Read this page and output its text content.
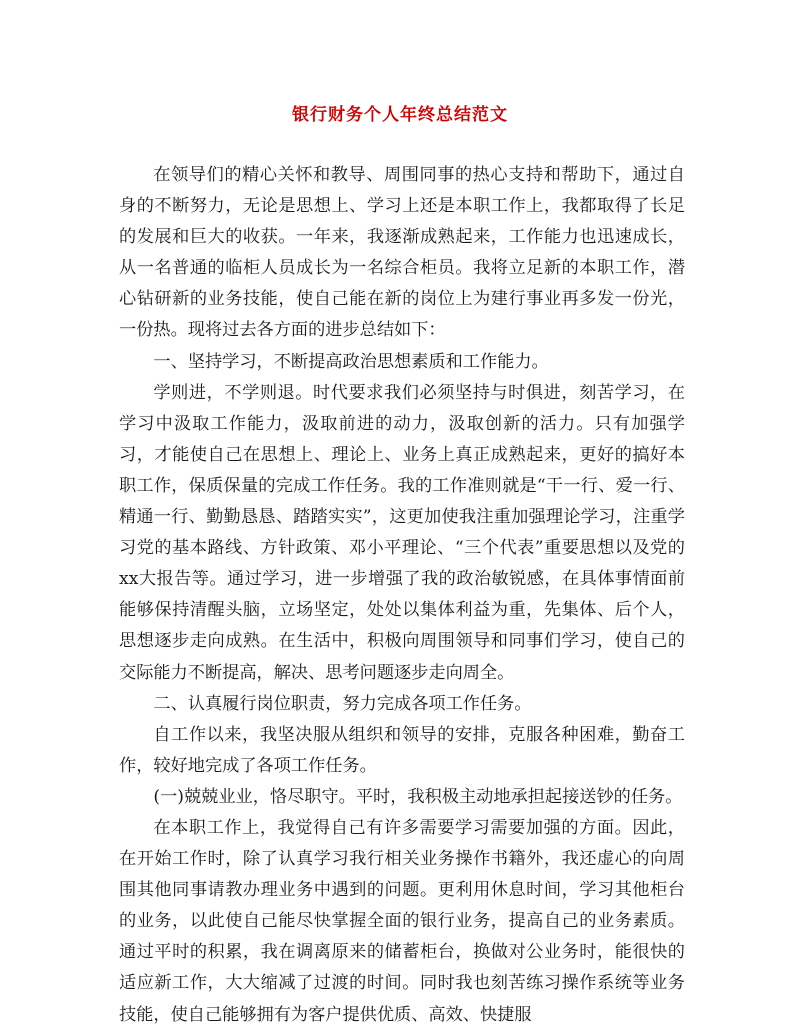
银行财务个人年终总结范文

在领导们的精心关怀和教导、周围同事的热心支持和帮助下，通过自身的不断努力，无论是思想上、学习上还是本职工作上，我都取得了长足的发展和巨大的收获。一年来，我逐渐成熟起来，工作能力也迅速成长，从一名普通的临柜人员成长为一名综合柜员。我将立足新的本职工作，潜心钻研新的业务技能，使自己能在新的岗位上为建行事业再多发一份光，一份热。现将过去各方面的进步总结如下：

一、坚持学习，不断提高政治思想素质和工作能力。

学则进，不学则退。时代要求我们必须坚持与时俱进，刻苦学习，在学习中汲取工作能力，汲取前进的动力，汲取创新的活力。只有加强学习，才能使自己在思想上、理论上、业务上真正成熟起来，更好的搞好本职工作，保质保量的完成工作任务。我的工作准则就是“干一行、爱一行、精通一行、勤勤恳恳、踏踏实实”，这更加使我注重加强理论学习，注重学习党的基本路线、方针政策、邓小平理论、“三个代表”重要思想以及党的xx大报告等。通过学习，进一步增强了我的政治敏锐感，在具体事情面前能够保持清醒头脑，立场坚定，处处以集体利益为重，先集体、后个人，思想逐步走向成熟。在生活中，积极向周围领导和同事们学习，使自己的交际能力不断提高，解决、思考问题逐步走向周全。

二、认真履行岗位职责，努力完成各项工作任务。

自工作以来，我坚决服从组织和领导的安排，克服各种困难，勤奋工作，较好地完成了各项工作任务。

(一)兢兢业业，恪尽职守。平时，我积极主动地承担起接送钞的任务。

在本职工作上，我觉得自己有许多需要学习需要加强的方面。因此，在开始工作时，除了认真学习我行相关业务操作书籍外，我还虚心的向周围其他同事请教办理业务中遇到的问题。更利用休息时间，学习其他柜台的业务，以此使自己能尽快掌握全面的银行业务，提高自己的业务素质。通过平时的积累，我在调离原来的储蓄柜台，换做对公业务时，能很快的适应新工作，大大缩减了过渡的时间。同时我也刻苦练习操作系统等业务技能，使自己能够拥有为客户提供优质、高效、快捷服
